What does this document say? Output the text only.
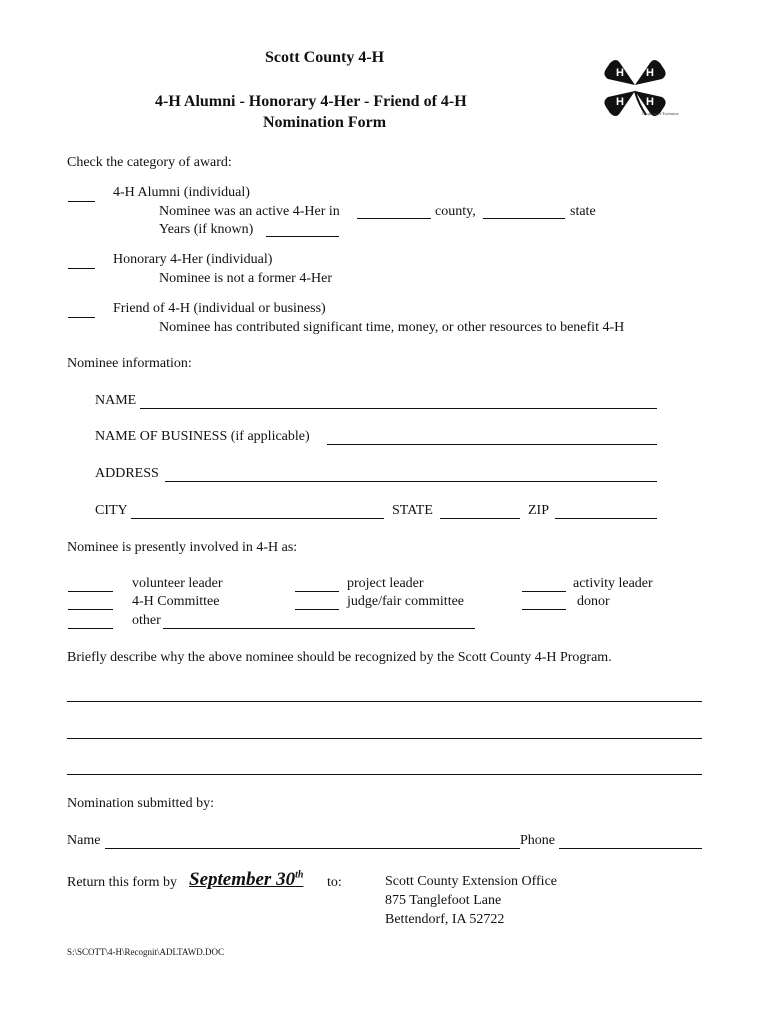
Scott County 4-H
4-H Alumni - Honorary 4-Her - Friend of 4-H
Nomination Form
H H
H H
Cooperative Extension
Check the category of award:
4-H Alumni (individual)
Nominee was an active 4-Her in	county,	state
Years (if known)
Honorary 4-Her (individual)
Nominee is not a former 4-Her
Friend of 4-H (individual or business)
Nominee has contributed significant time, money, or other resources to benefit 4-H
Nominee information:
NAME
NAME OF BUSINESS (if applicable)
ADDRESS
CITY	STATE	ZIP
Nominee is presently involved in 4-H as:
volunteer leader	project leader	activity leader
4-H Committee	judge/fair committee	donor
other
Briefly describe why the above nominee should be recognized by the Scott County 4-H Program.
Nomination submitted by:
Name	Phone
Return this form by September 30th to:	Scott County Extension Office
875 Tanglefoot Lane
Bettendorf, IA 52722
S:\SCOTT\4-H\Recognit\ADLTAWD.DOC
